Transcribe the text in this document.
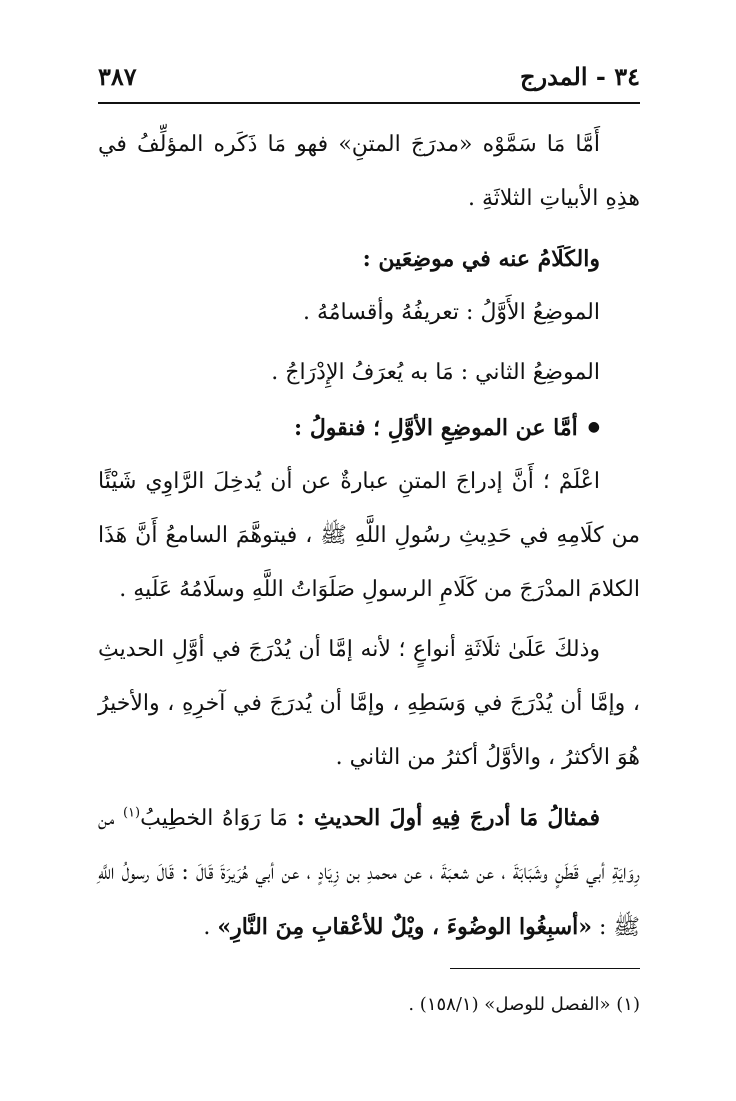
٣٤ - المدرج
٣٨٧

أَمَّا مَا سَمَّوْه «مدرَجَ المتنِ» فهو مَا ذَكَره المؤلِّفُ في هذِهِ الأبياتِ الثلاثَةِ .

والكَلَامُ عنه في موضِعَين :

الموضِعُ الأَوَّلُ : تعريفُهُ وأقسامُهُ .

الموضِعُ الثاني : مَا به يُعرَفُ الإِدْرَاجُ .

● أمَّا عن الموضِعِ الأوَّلِ ؛ فنقولُ :

اعْلَمْ ؛ أَنَّ إدراجَ المتنِ عبارةٌ عن أن يُدخِلَ الرَّاوِي شَيْئًا من كلَامِهِ في حَدِيثِ رسُولِ اللَّهِ ﷺ ، فيتوهَّمَ السامعُ أَنَّ هَذَا الكلامَ المدْرَجَ من كَلَامِ الرسولِ صَلَوَاتُ اللَّهِ وسلَامُهُ عَلَيهِ .

وذلكَ عَلَىٰ ثلَاثَةِ أنواعٍ ؛ لأنه إمَّا أن يُدْرَجَ في أوَّلِ الحديثِ ، وإمَّا أن يُدْرَجَ في وَسَطِهِ ، وإمَّا أن يُدرَجَ في آخرِهِ ، والأخيرُ هُوَ الأكثرُ ، والأوَّلُ أكثرُ من الثاني .

فمثالُ مَا أدرجَ فِيهِ أولَ الحديثِ : مَا رَوَاهُ الخطِيبُ$^{(١)}$ من رِوَايَةِ أبي قَطَنٍ وشَبَابَةَ ، عن شعبَةَ ، عن محمدِ بن زِيَادٍ ، عن أبي هُرَيرَةَ قَالَ : قَالَ رسولُ اللَّهِ ﷺ : «أسبِغُوا الوضُوءَ ، ويْلٌ للأعْقابِ مِنَ النَّارِ» .

(١) «الفصل للوصل» (١٥٨/١) .
